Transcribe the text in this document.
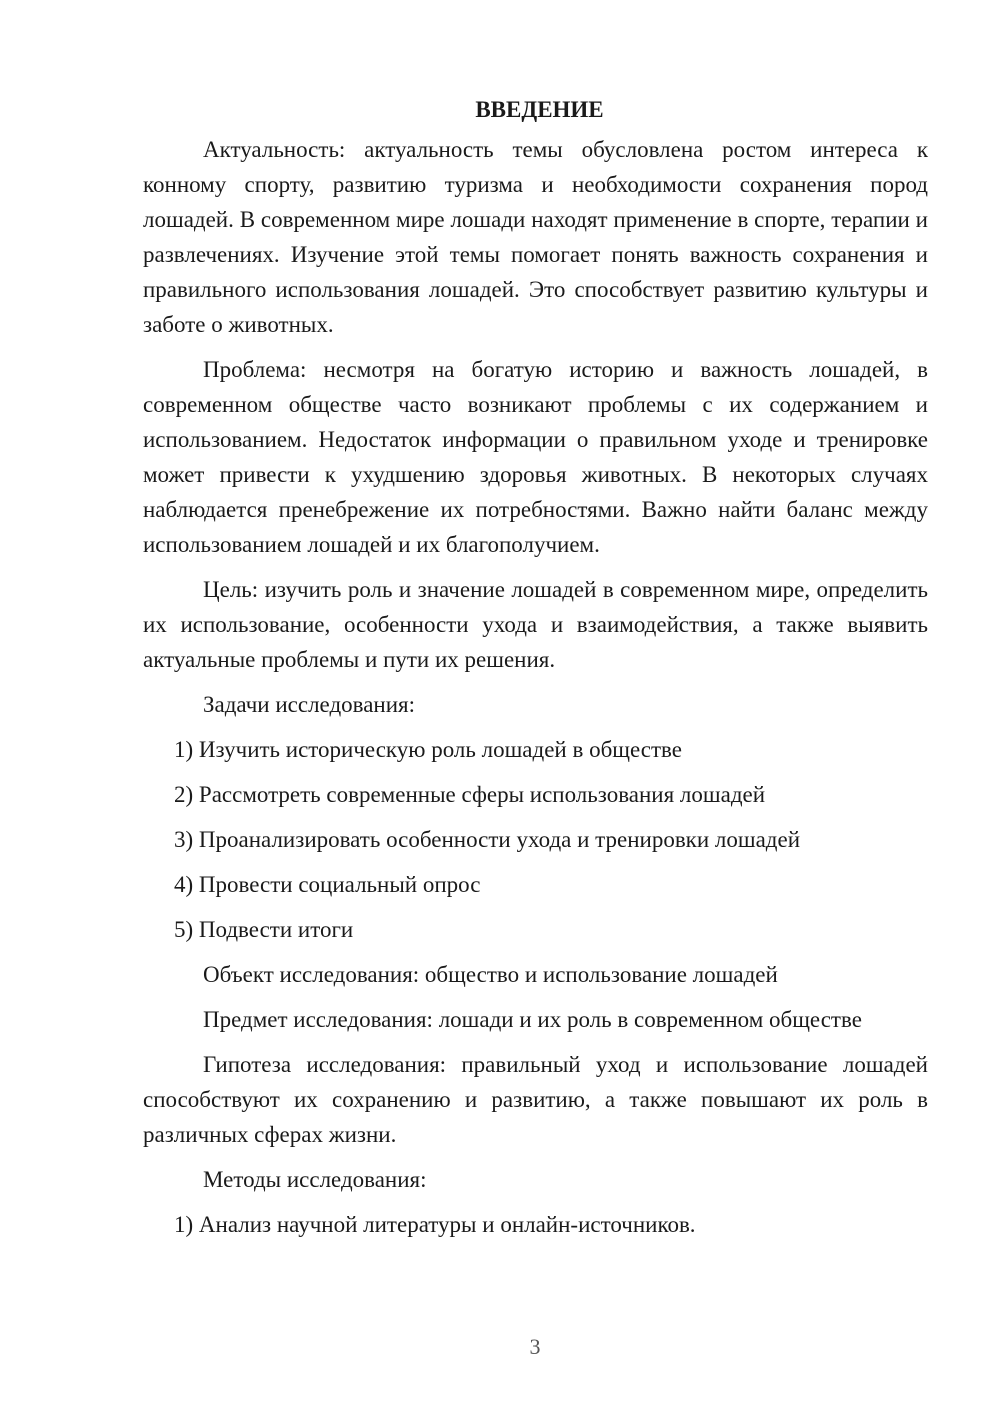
ВВЕДЕНИЕ

Актуальность: актуальность темы обусловлена ростом интереса к конному спорту, развитию туризма и необходимости сохранения пород лошадей. В современном мире лошади находят применение в спорте, терапии и развлечениях. Изучение этой темы помогает понять важность сохранения и правильного использования лошадей. Это способствует развитию культуры и заботе о животных.

Проблема: несмотря на богатую историю и важность лошадей, в современном обществе часто возникают проблемы с их содержанием и использованием. Недостаток информации о правильном уходе и тренировке может привести к ухудшению здоровья животных. В некоторых случаях наблюдается пренебрежение их потребностями. Важно найти баланс между использованием лошадей и их благополучием.

Цель: изучить роль и значение лошадей в современном мире, определить их использование, особенности ухода и взаимодействия, а также выявить актуальные проблемы и пути их решения.

Задачи исследования:
1) Изучить историческую роль лошадей в обществе
2) Рассмотреть современные сферы использования лошадей
3) Проанализировать особенности ухода и тренировки лошадей
4) Провести социальный опрос
5) Подвести итоги
Объект исследования: общество и использование лошадей
Предмет исследования: лошади и их роль в современном обществе

Гипотеза исследования: правильный уход и использование лошадей способствуют их сохранению и развитию, а также повышают их роль в различных сферах жизни.

Методы исследования:
1) Анализ научной литературы и онлайн-источников.
3
